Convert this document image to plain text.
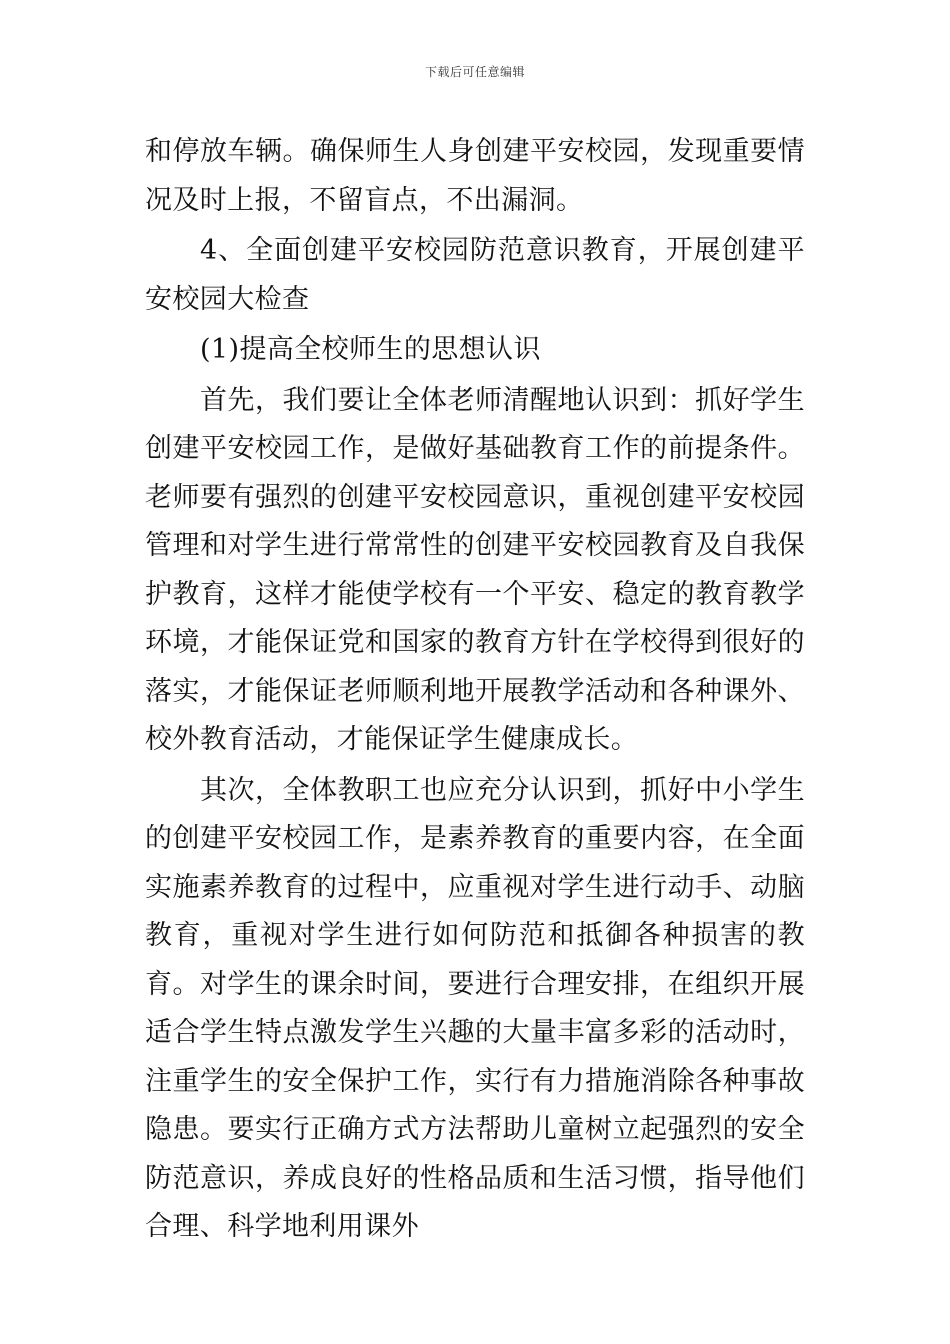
下载后可任意编辑

和停放车辆。确保师生人身创建平安校园，发现重要情况及时上报，不留盲点，不出漏洞。

4、全面创建平安校园防范意识教育，开展创建平安校园大检查

(1)提高全校师生的思想认识

首先，我们要让全体老师清醒地认识到：抓好学生创建平安校园工作，是做好基础教育工作的前提条件。老师要有强烈的创建平安校园意识，重视创建平安校园管理和对学生进行常常性的创建平安校园教育及自我保护教育，这样才能使学校有一个平安、稳定的教育教学环境，才能保证党和国家的教育方针在学校得到很好的落实，才能保证老师顺利地开展教学活动和各种课外、校外教育活动，才能保证学生健康成长。

其次，全体教职工也应充分认识到，抓好中小学生的创建平安校园工作，是素养教育的重要内容，在全面实施素养教育的过程中，应重视对学生进行动手、动脑教育，重视对学生进行如何防范和抵御各种损害的教育。对学生的课余时间，要进行合理安排，在组织开展适合学生特点激发学生兴趣的大量丰富多彩的活动时，注重学生的安全保护工作，实行有力措施消除各种事故隐患。要实行正确方式方法帮助儿童树立起强烈的安全防范意识，养成良好的性格品质和生活习惯，指导他们合理、科学地利用课外
